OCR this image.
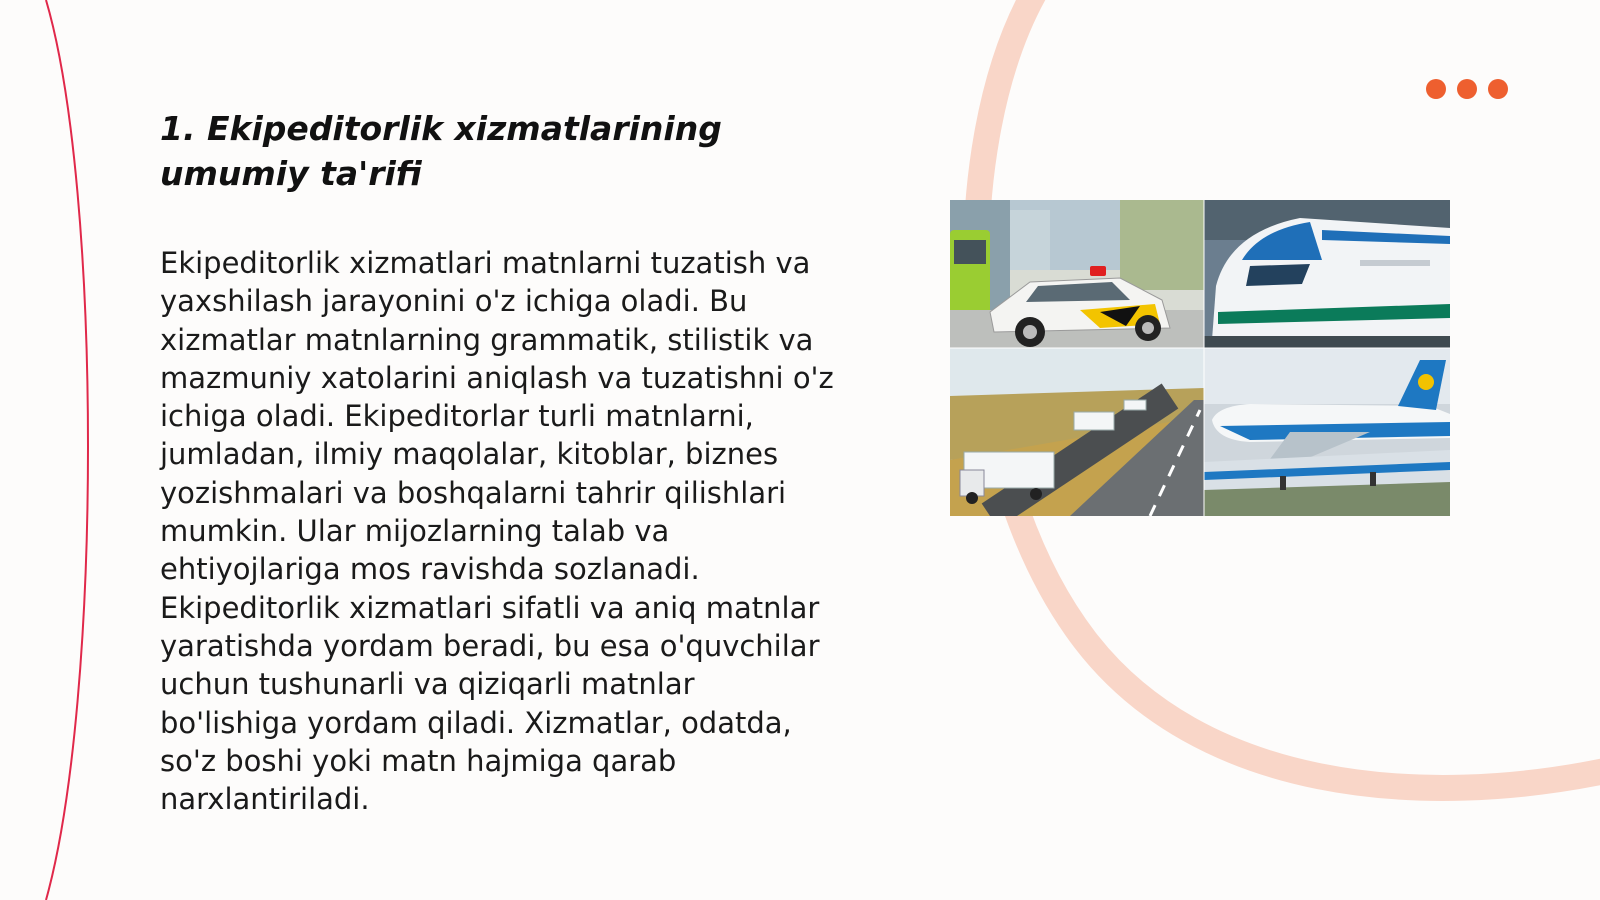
1. Ekipeditorlik xizmatlarining umumiy ta'rifi

Ekipeditorlik xizmatlari matnlarni tuzatish va yaxshilash jarayonini o'z ichiga oladi. Bu xizmatlar matnlarning grammatik, stilistik va mazmuniy xatolarini aniqlash va tuzatishni o'z ichiga oladi. Ekipeditorlar turli matnlarni, jumladan, ilmiy maqolalar, kitoblar, biznes yozishmalari va boshqalarni tahrir qilishlari mumkin. Ular mijozlarning talab va ehtiyojlariga mos ravishda sozlanadi. Ekipeditorlik xizmatlari sifatli va aniq matnlar yaratishda yordam beradi, bu esa o'quvchilar uchun tushunarli va qiziqarli matnlar bo'lishiga yordam qiladi. Xizmatlar, odatda, so'z boshi yoki matn hajmiga qarab narxlantiriladi.
